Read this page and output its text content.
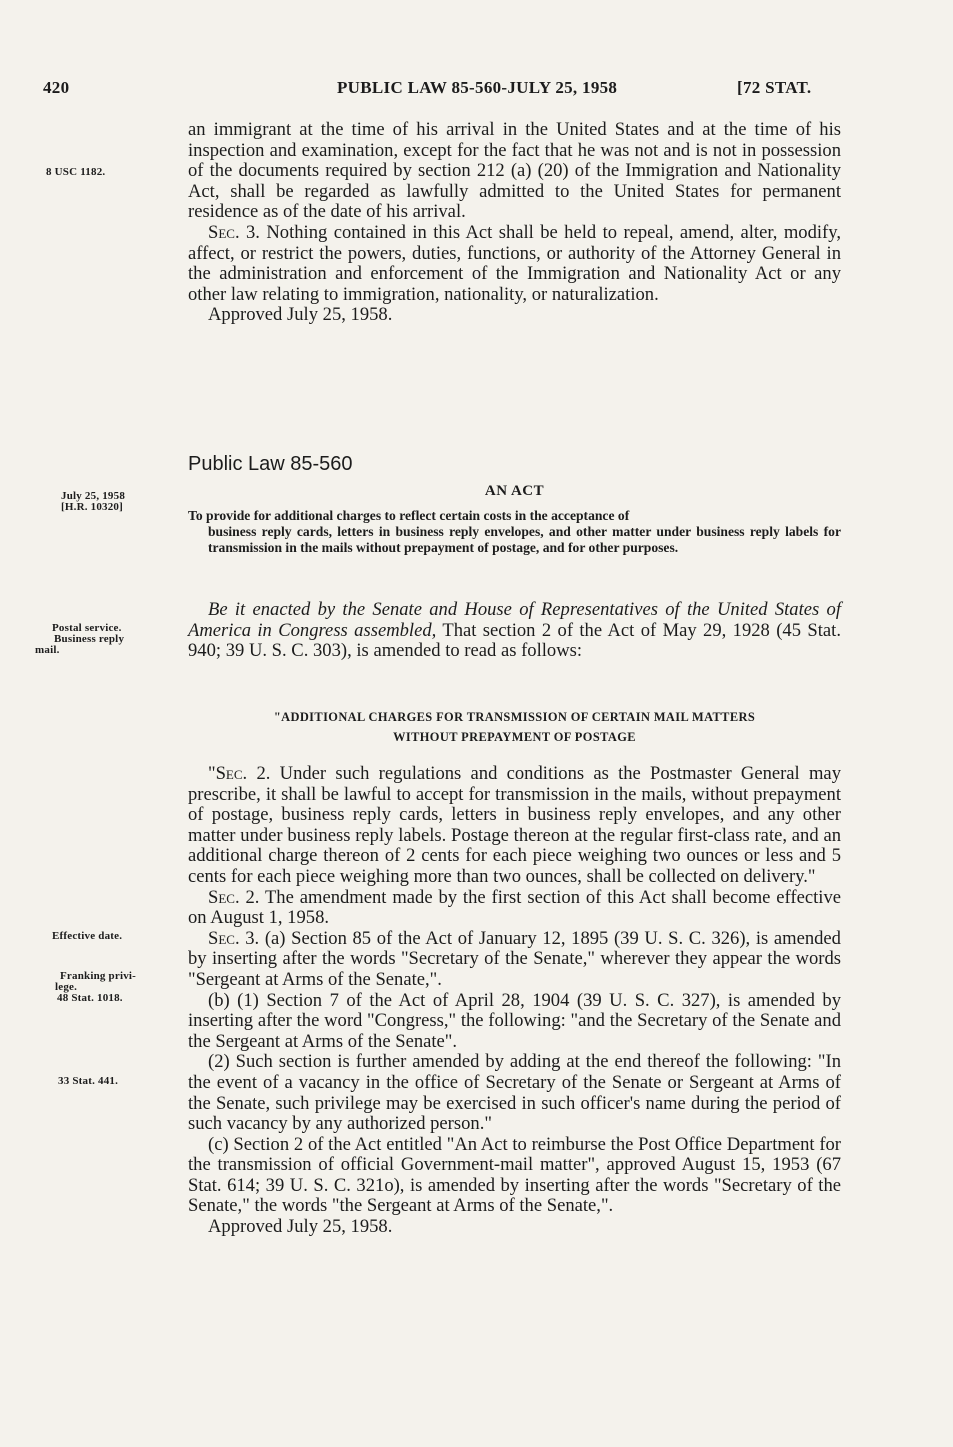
420	PUBLIC LAW 85-560-JULY 25, 1958	[72 STAT.

an immigrant at the time of his arrival in the United States and at the time of his inspection and examination, except for the fact that he was not and is not in possession of the documents required by section 212 (a) (20) of the Immigration and Nationality Act, shall be regarded as lawfully admitted to the United States for permanent residence as of the date of his arrival.

Sec. 3. Nothing contained in this Act shall be held to repeal, amend, alter, modify, affect, or restrict the powers, duties, functions, or authority of the Attorney General in the administration and enforcement of the Immigration and Nationality Act or any other law relating to immigration, nationality, or naturalization.

Approved July 25, 1958.

8 USC 1182.
July 25, 1958
[H.R. 10320]
Postal service.
Business reply
mail.
Effective date.
Franking privi-
lege.
48 Stat. 1018.
33 Stat. 441.
Public Law 85-560
AN ACT
To provide for additional charges to reflect certain costs in the acceptance of
business reply cards, letters in business reply envelopes, and other matter under business reply labels for transmission in the mails without prepayment of postage, and for other purposes.

Be it enacted by the Senate and House of Representatives of the United States of America in Congress assembled, That section 2 of the Act of May 29, 1928 (45 Stat. 940; 39 U. S. C. 303), is amended to read as follows:

"ADDITIONAL CHARGES FOR TRANSMISSION OF CERTAIN MAIL MATTERS
WITHOUT PREPAYMENT OF POSTAGE

"Sec. 2. Under such regulations and conditions as the Postmaster General may prescribe, it shall be lawful to accept for transmission in the mails, without prepayment of postage, business reply cards, letters in business reply envelopes, and any other matter under business reply labels. Postage thereon at the regular first-class rate, and an additional charge thereon of 2 cents for each piece weighing two ounces or less and 5 cents for each piece weighing more than two ounces, shall be collected on delivery."

Sec. 2. The amendment made by the first section of this Act shall become effective on August 1, 1958.

Sec. 3. (a) Section 85 of the Act of January 12, 1895 (39 U. S. C. 326), is amended by inserting after the words "Secretary of the Senate," wherever they appear the words "Sergeant at Arms of the Senate,".

(b) (1) Section 7 of the Act of April 28, 1904 (39 U. S. C. 327), is amended by inserting after the word "Congress," the following: "and the Secretary of the Senate and the Sergeant at Arms of the Senate".

(2) Such section is further amended by adding at the end thereof the following: "In the event of a vacancy in the office of Secretary of the Senate or Sergeant at Arms of the Senate, such privilege may be exercised in such officer's name during the period of such vacancy by any authorized person."

(c) Section 2 of the Act entitled "An Act to reimburse the Post Office Department for the transmission of official Government-mail matter", approved August 15, 1953 (67 Stat. 614; 39 U. S. C. 321o), is amended by inserting after the words "Secretary of the Senate," the words "the Sergeant at Arms of the Senate,".

Approved July 25, 1958.
